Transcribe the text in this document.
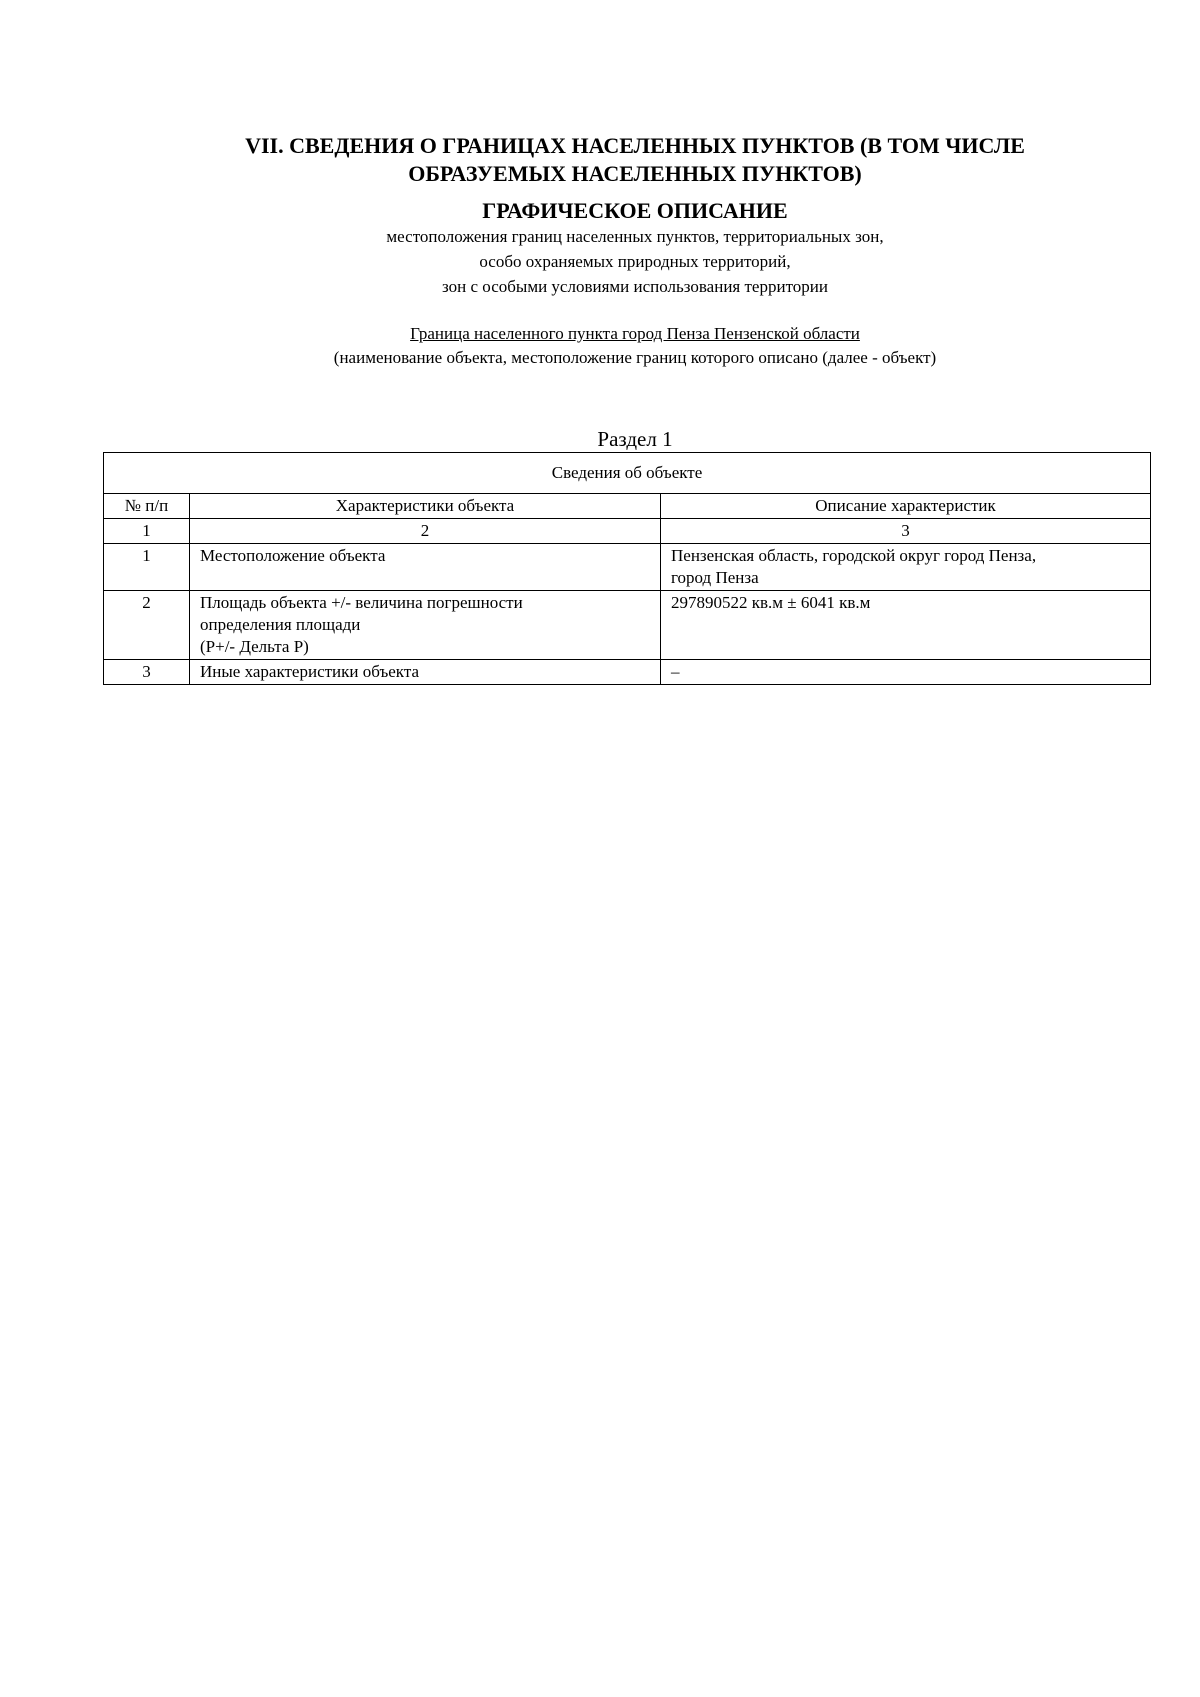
VII. СВЕДЕНИЯ О ГРАНИЦАХ НАСЕЛЕННЫХ ПУНКТОВ (В ТОМ ЧИСЛЕ
ОБРАЗУЕМЫХ НАСЕЛЕННЫХ ПУНКТОВ)
ГРАФИЧЕСКОЕ ОПИСАНИЕ
местоположения границ населенных пунктов, территориальных зон,
особо охраняемых природных территорий,
зон с особыми условиями использования территории
Граница населенного пункта город Пенза Пензенской области
(наименование объекта, местоположение границ которого описано (далее - объект)
Раздел 1
Сведения об объекте		
№ п/п	Характеристики объекта	Описание характеристик
1	2	3
1	Местоположение объекта	Пензенская область, городской округ город Пенза,
город Пенза

2	Площадь объекта +/- величина погрешности
определения площади
(Р+/- Дельта Р)	297890522 кв.м ± 6041 кв.м
3	Иные характеристики объекта	–
